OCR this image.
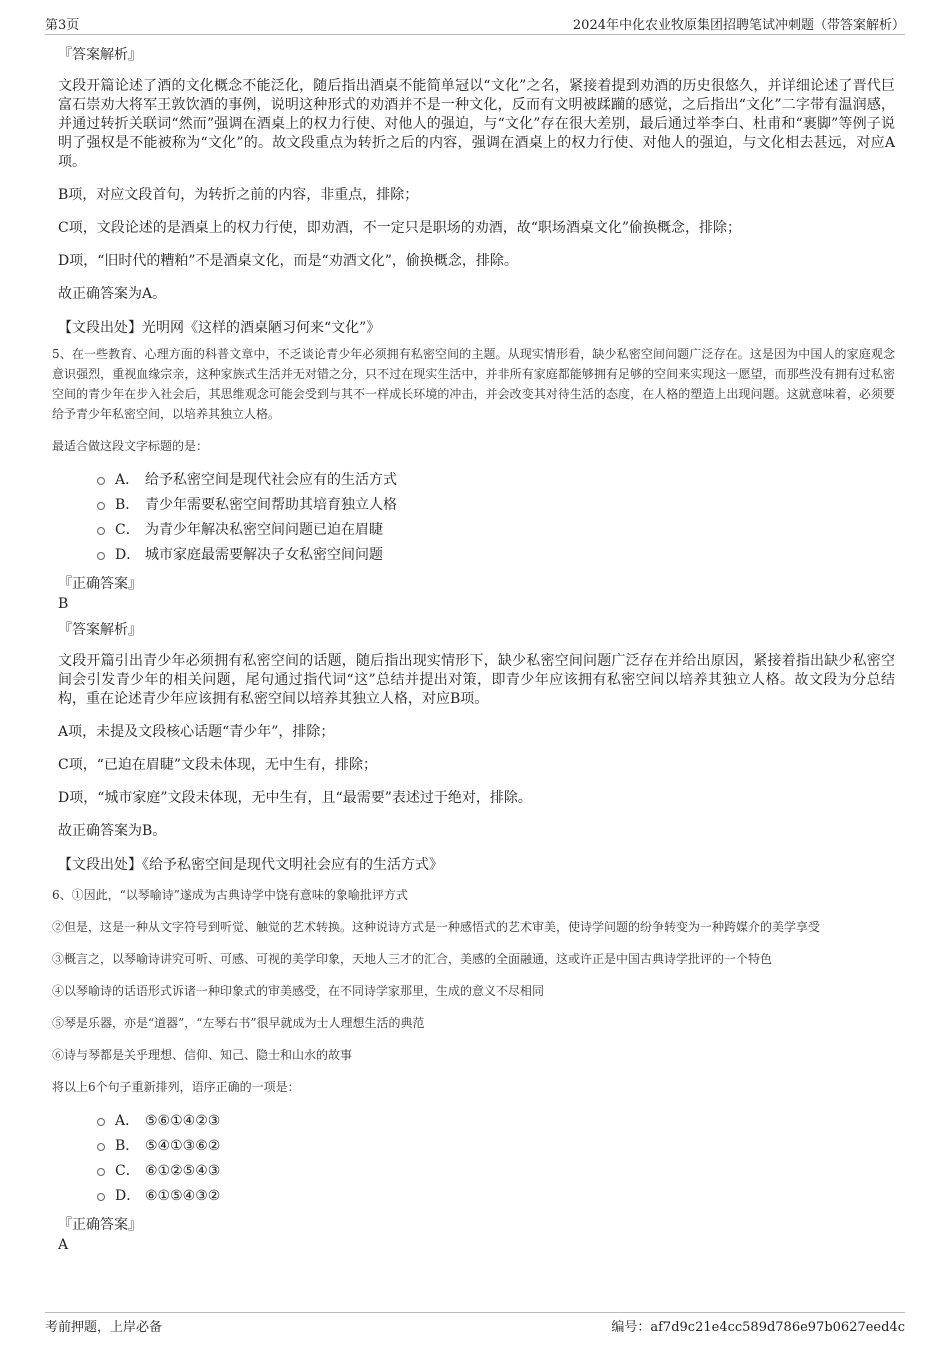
第3页	2024年中化农业牧原集团招聘笔试冲刺题（带答案解析）
『答案解析』

文段开篇论述了酒的文化概念不能泛化，随后指出酒桌不能简单冠以“文化”之名，紧接着提到劝酒的历史很悠久，并详细论述了晋代巨富石崇劝大将军王敦饮酒的事例，说明这种形式的劝酒并不是一种文化，反而有文明被蹂躏的感觉，之后指出“文化”二字带有温润感，并通过转折关联词“然而”强调在酒桌上的权力行使、对他人的强迫，与“文化”存在很大差别，最后通过举李白、杜甫和“裹脚”等例子说明了强权是不能被称为“文化”的。故文段重点为转折之后的内容，强调在酒桌上的权力行使、对他人的强迫，与文化相去甚远，对应A项。

B项，对应文段首句，为转折之前的内容，非重点，排除；

C项，文段论述的是酒桌上的权力行使，即劝酒，不一定只是职场的劝酒，故“职场酒桌文化”偷换概念，排除；

D项，“旧时代的糟粕”不是酒桌文化，而是“劝酒文化”，偷换概念，排除。

故正确答案为A。

【文段出处】光明网《这样的酒桌陋习何来“文化”》

5、在一些教育、心理方面的科普文章中，不乏谈论青少年必须拥有私密空间的主题。从现实情形看，缺少私密空间问题广泛存在。这是因为中国人的家庭观念意识强烈，重视血缘宗亲，这种家族式生活并无对错之分，只不过在现实生活中，并非所有家庭都能够拥有足够的空间来实现这一愿望，而那些没有拥有过私密空间的青少年在步入社会后，其思维观念可能会受到与其不一样成长环境的冲击，并会改变其对待生活的态度，在人格的塑造上出现问题。这就意味着，必须要给予青少年私密空间，以培养其独立人格。

最适合做这段文字标题的是：

A． 给予私密空间是现代社会应有的生活方式
B． 青少年需要私密空间帮助其培育独立人格
C． 为青少年解决私密空间问题已迫在眉睫
D． 城市家庭最需要解决子女私密空间问题
『正确答案』
B
『答案解析』

文段开篇引出青少年必须拥有私密空间的话题，随后指出现实情形下，缺少私密空间问题广泛存在并给出原因，紧接着指出缺少私密空间会引发青少年的相关问题，尾句通过指代词“这”总结并提出对策，即青少年应该拥有私密空间以培养其独立人格。故文段为分总结构，重在论述青少年应该拥有私密空间以培养其独立人格，对应B项。

A项，未提及文段核心话题“青少年”，排除；

C项，“已迫在眉睫”文段未体现，无中生有，排除；

D项，“城市家庭”文段未体现，无中生有，且“最需要”表述过于绝对，排除。

故正确答案为B。

【文段出处】《给予私密空间是现代文明社会应有的生活方式》

6、①因此，“以琴喻诗”遂成为古典诗学中饶有意味的象喻批评方式

②但是，这是一种从文字符号到听觉、触觉的艺术转换。这种说诗方式是一种感悟式的艺术审美，使诗学问题的纷争转变为一种跨媒介的美学享受

③概言之，以琴喻诗讲究可听、可感、可视的美学印象，天地人三才的汇合，美感的全面融通，这或许正是中国古典诗学批评的一个特色

④以琴喻诗的话语形式诉诸一种印象式的审美感受，在不同诗学家那里，生成的意义不尽相同

⑤琴是乐器，亦是“道器”，“左琴右书”很早就成为士人理想生活的典范

⑥诗与琴都是关乎理想、信仰、知己、隐士和山水的故事

将以上6个句子重新排列，语序正确的一项是：

A． ⑤⑥①④②③
B． ⑤④①③⑥②
C． ⑥①②⑤④③
D． ⑥①⑤④③②
『正确答案』
A
考前押题，上岸必备	编号：af7d9c21e4cc589d786e97b0627eed4c
